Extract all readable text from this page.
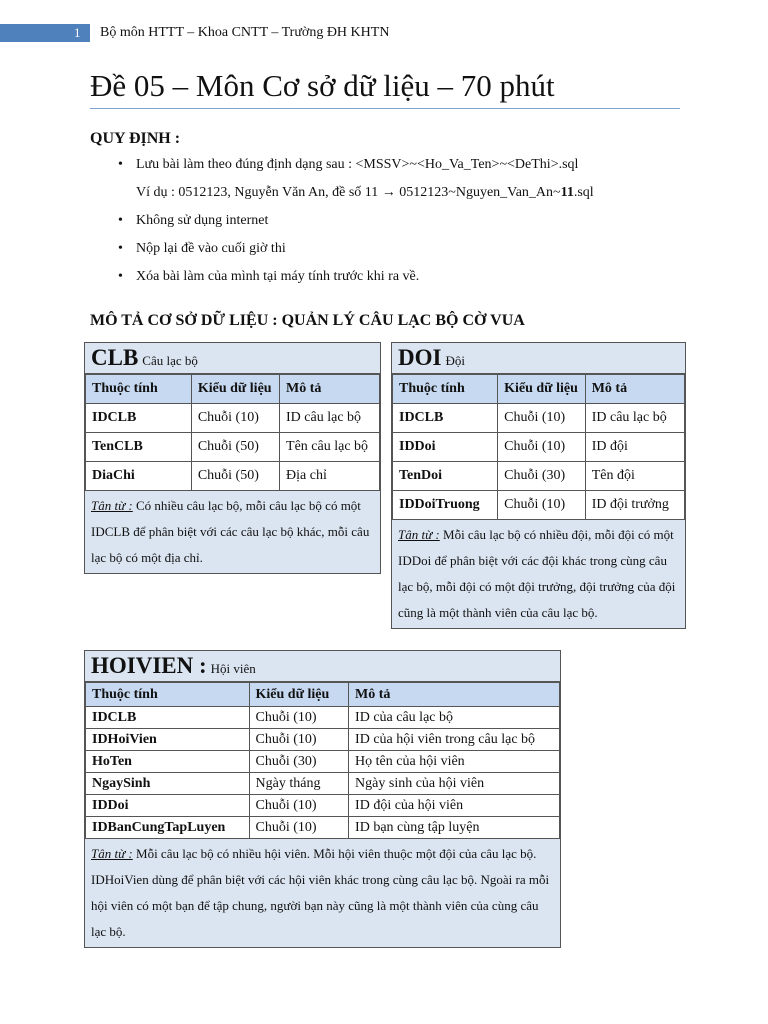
1 Bộ môn HTTT – Khoa CNTT – Trường ĐH KHTN
Đề 05 – Môn Cơ sở dữ liệu – 70 phút
QUY ĐỊNH :
• Lưu bài làm theo đúng định dạng sau : <MSSV>~<Ho_Va_Ten>~<DeThi>.sql
Ví dụ : 0512123, Nguyễn Văn An, đề số 11 → 0512123~Nguyen_Van_An~11.sql
• Không sử dụng internet
• Nộp lại đề vào cuối giờ thi
• Xóa bài làm của mình tại máy tính trước khi ra về.
MÔ TẢ CƠ SỞ DỮ LIỆU : QUẢN LÝ CÂU LẠC BỘ CỜ VUA
CLB Câu lạc bộ
Thuộc tính	Kiểu dữ liệu	Mô tả
IDCLB	Chuỗi (10)	ID câu lạc bộ
TenCLB	Chuỗi (50)	Tên câu lạc bộ
DiaChi	Chuỗi (50)	Địa chỉ
Tân từ : Có nhiều câu lạc bộ, mỗi câu lạc bộ có một IDCLB để phân biệt với các câu lạc bộ khác, mỗi câu lạc bộ có một địa chỉ.
DOI Đội
Thuộc tính	Kiểu dữ liệu	Mô tả
IDCLB	Chuỗi (10)	ID câu lạc bộ
IDDoi	Chuỗi (10)	ID đội
TenDoi	Chuỗi (30)	Tên đội
IDDoiTruong	Chuỗi (10)	ID đội trưởng
Tân từ : Mỗi câu lạc bộ có nhiều đội, mỗi đội có một IDDoi để phân biệt với các đội khác trong cùng câu lạc bộ, mỗi đội có một đội trưởng, đội trưởng của đội cũng là một thành viên của câu lạc bộ.
HOIVIEN : Hội viên
Thuộc tính	Kiểu dữ liệu	Mô tả
IDCLB	Chuỗi (10)	ID của câu lạc bộ
IDHoiVien	Chuỗi (10)	ID của hội viên trong câu lạc bộ
HoTen	Chuỗi (30)	Họ tên của hội viên
NgaySinh	Ngày tháng	Ngày sinh của hội viên
IDDoi	Chuỗi (10)	ID đội của hội viên
IDBanCungTapLuyen	Chuỗi (10)	ID bạn cùng tập luyện
Tân từ : Mỗi câu lạc bộ có nhiều hội viên. Mỗi hội viên thuộc một đội của câu lạc bộ. IDHoiVien dùng để phân biệt với các hội viên khác trong cùng câu lạc bộ. Ngoài ra mỗi hội viên có một bạn để tập chung, người bạn này cũng là một thành viên của cùng câu lạc bộ.
